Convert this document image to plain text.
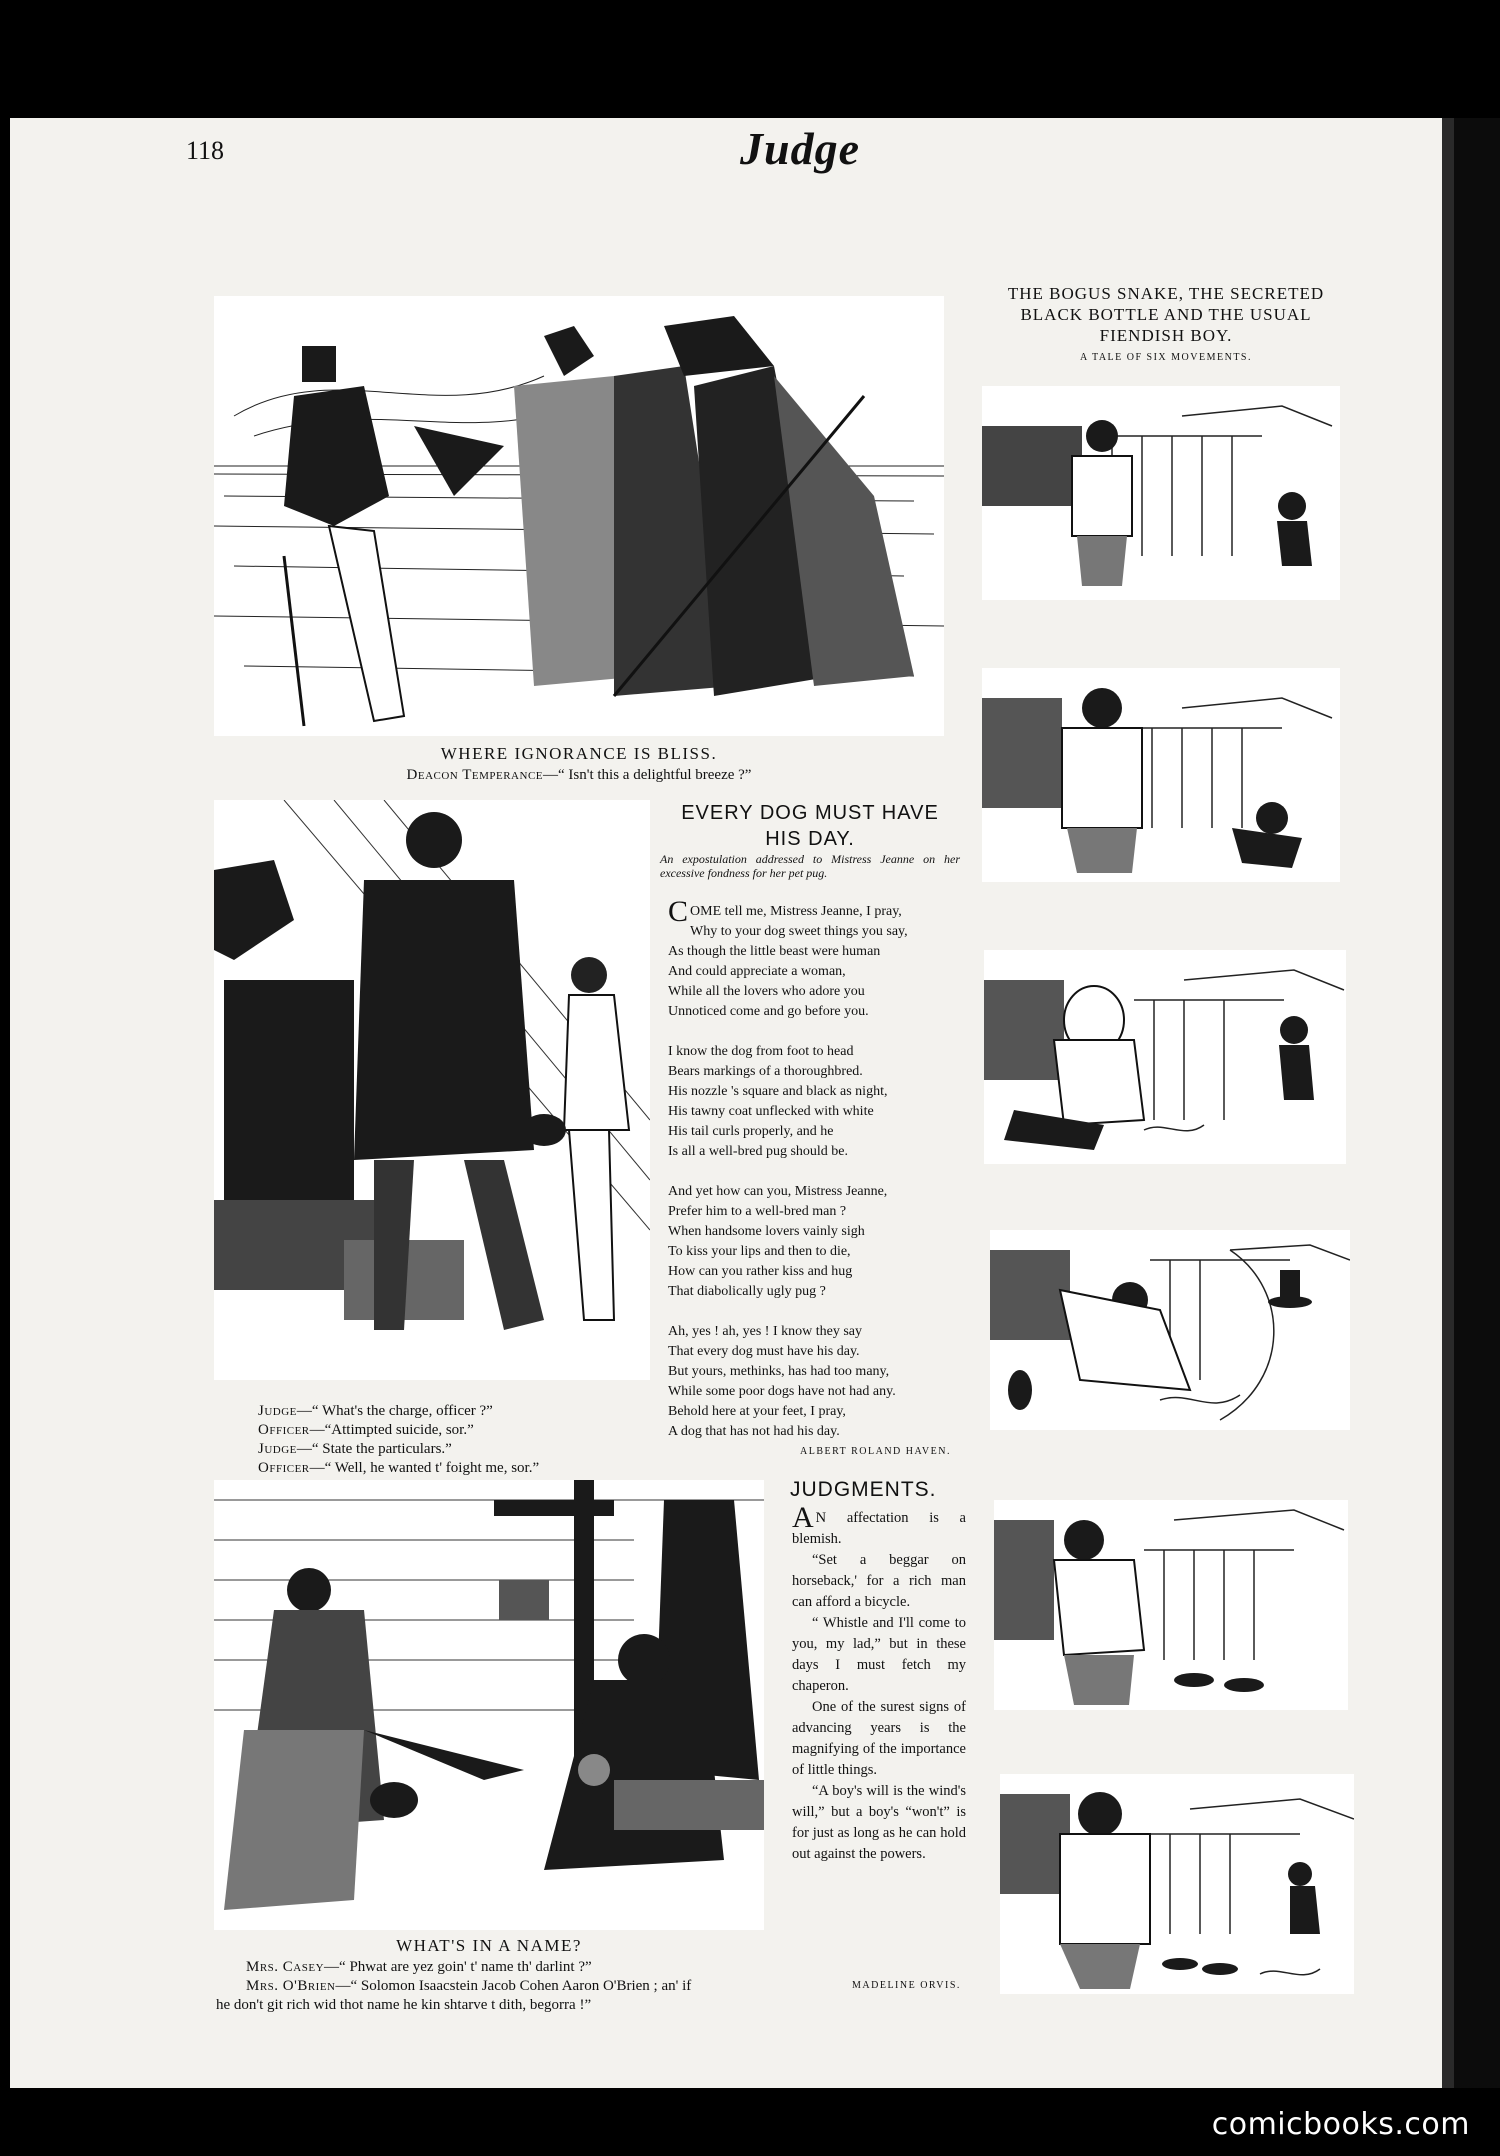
118	Judge
WHERE IGNORANCE IS BLISS.
Deacon Temperance—“ Isn't this a delightful breeze ?”
Judge—“ What's the charge, officer ?”
Officer—“Attimpted suicide, sor.”
Judge—“ State the particulars.”
Officer—“ Well, he wanted t' foight me, sor.”
EVERY DOG MUST HAVE
HIS DAY.
An expostulation addressed to Mistress Jeanne on her excessive fondness for her pet pug.

COME tell me, Mistress Jeanne, I pray,
Why to your dog sweet things you say,
As though the little beast were human
And could appreciate a woman,
While all the lovers who adore you
Unnoticed come and go before you.

I know the dog from foot to head
Bears markings of a thoroughbred.
His nozzle 's square and black as night,
His tawny coat unflecked with white
His tail curls properly, and he
Is all a well-bred pug should be.

And yet how can you, Mistress Jeanne,
Prefer him to a well-bred man ?
When handsome lovers vainly sigh
To kiss your lips and then to die,
How can you rather kiss and hug
That diabolically ugly pug ?

Ah, yes ! ah, yes ! I know they say
That every dog must have his day.
But yours, methinks, has had too many,
While some poor dogs have not had any.
Behold here at your feet, I pray,
A dog that has not had his day.

ALBERT ROLAND HAVEN.
WHAT'S IN A NAME?
Mrs. Casey—“ Phwat are yez goin' t' name th' darlint ?”
Mrs. O'Brien—“ Solomon Isaacstein Jacob Cohen Aaron O'Brien ; an' if
he don't git rich wid thot name he kin shtarve t dith, begorra !”
JUDGMENTS.

A N affectation is a blemish.

“Set a beggar on horseback,' for a rich man can afford a bicycle.

“ Whistle and I'll come to you, my lad,” but in these days I must fetch my chaperon.

One of the surest signs of advancing years is the magnifying of the importance of little things.

“A boy's will is the wind's will,” but a boy's “won't” is for just as long as he can hold out against the powers.

MADELINE ORVIS.
THE BOGUS SNAKE, THE SECRETED
BLACK BOTTLE AND THE USUAL
FIENDISH BOY.
A TALE OF SIX MOVEMENTS.
comicbooks.com
